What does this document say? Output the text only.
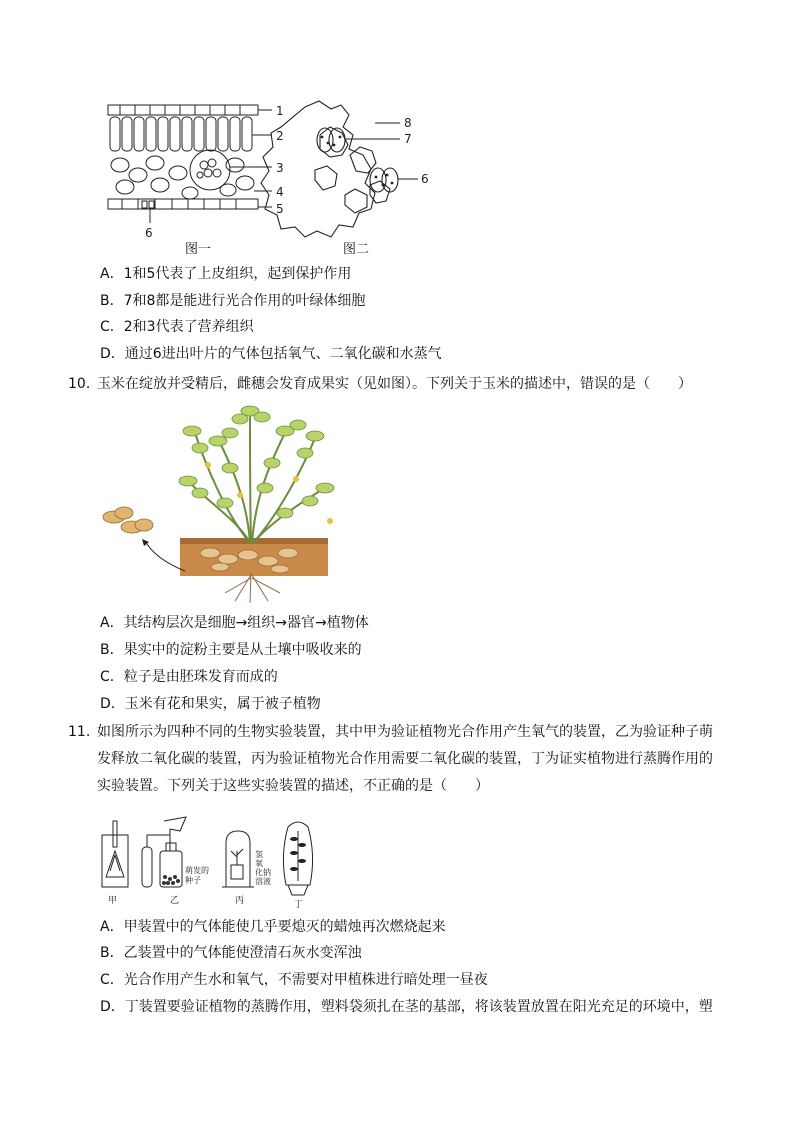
1
2
3
4
5
6
8
7
6
图一	图二
A．1和5代表了上皮组织，起到保护作用
B．7和8都是能进行光合作用的叶绿体细胞
C．2和3代表了营养组织
D．通过6进出叶片的气体包括氧气、二氧化碳和水蒸气
10. 玉米在绽放并受精后，雌穗会发育成果实（见如图）。下列关于玉米的描述中，错误的是（　　）
A．其结构层次是细胞→组织→器官→植物体
B．果实中的淀粉主要是从土壤中吸收来的
C．粒子是由胚珠发育而成的
D．玉米有花和果实，属于被子植物
11. 如图所示为四种不同的生物实验装置，其中甲为验证植物光合作用产生氧气的装置，乙为验证种子萌
发释放二氧化碳的装置，丙为验证植物光合作用需要二氧化碳的装置，丁为证实植物进行蒸腾作用的
实验装置。下列关于这些实验装置的描述，不正确的是（　　）
甲
萌发的
种子
乙
氢
氧
化钠
溶液
丙	丁
A．甲装置中的气体能使几乎要熄灭的蜡烛再次燃烧起来
B．乙装置中的气体能使澄清石灰水变浑浊
C．光合作用产生水和氧气，不需要对甲植株进行暗处理一昼夜
D．丁装置要验证植物的蒸腾作用，塑料袋须扎在茎的基部，将该装置放置在阳光充足的环境中，塑
